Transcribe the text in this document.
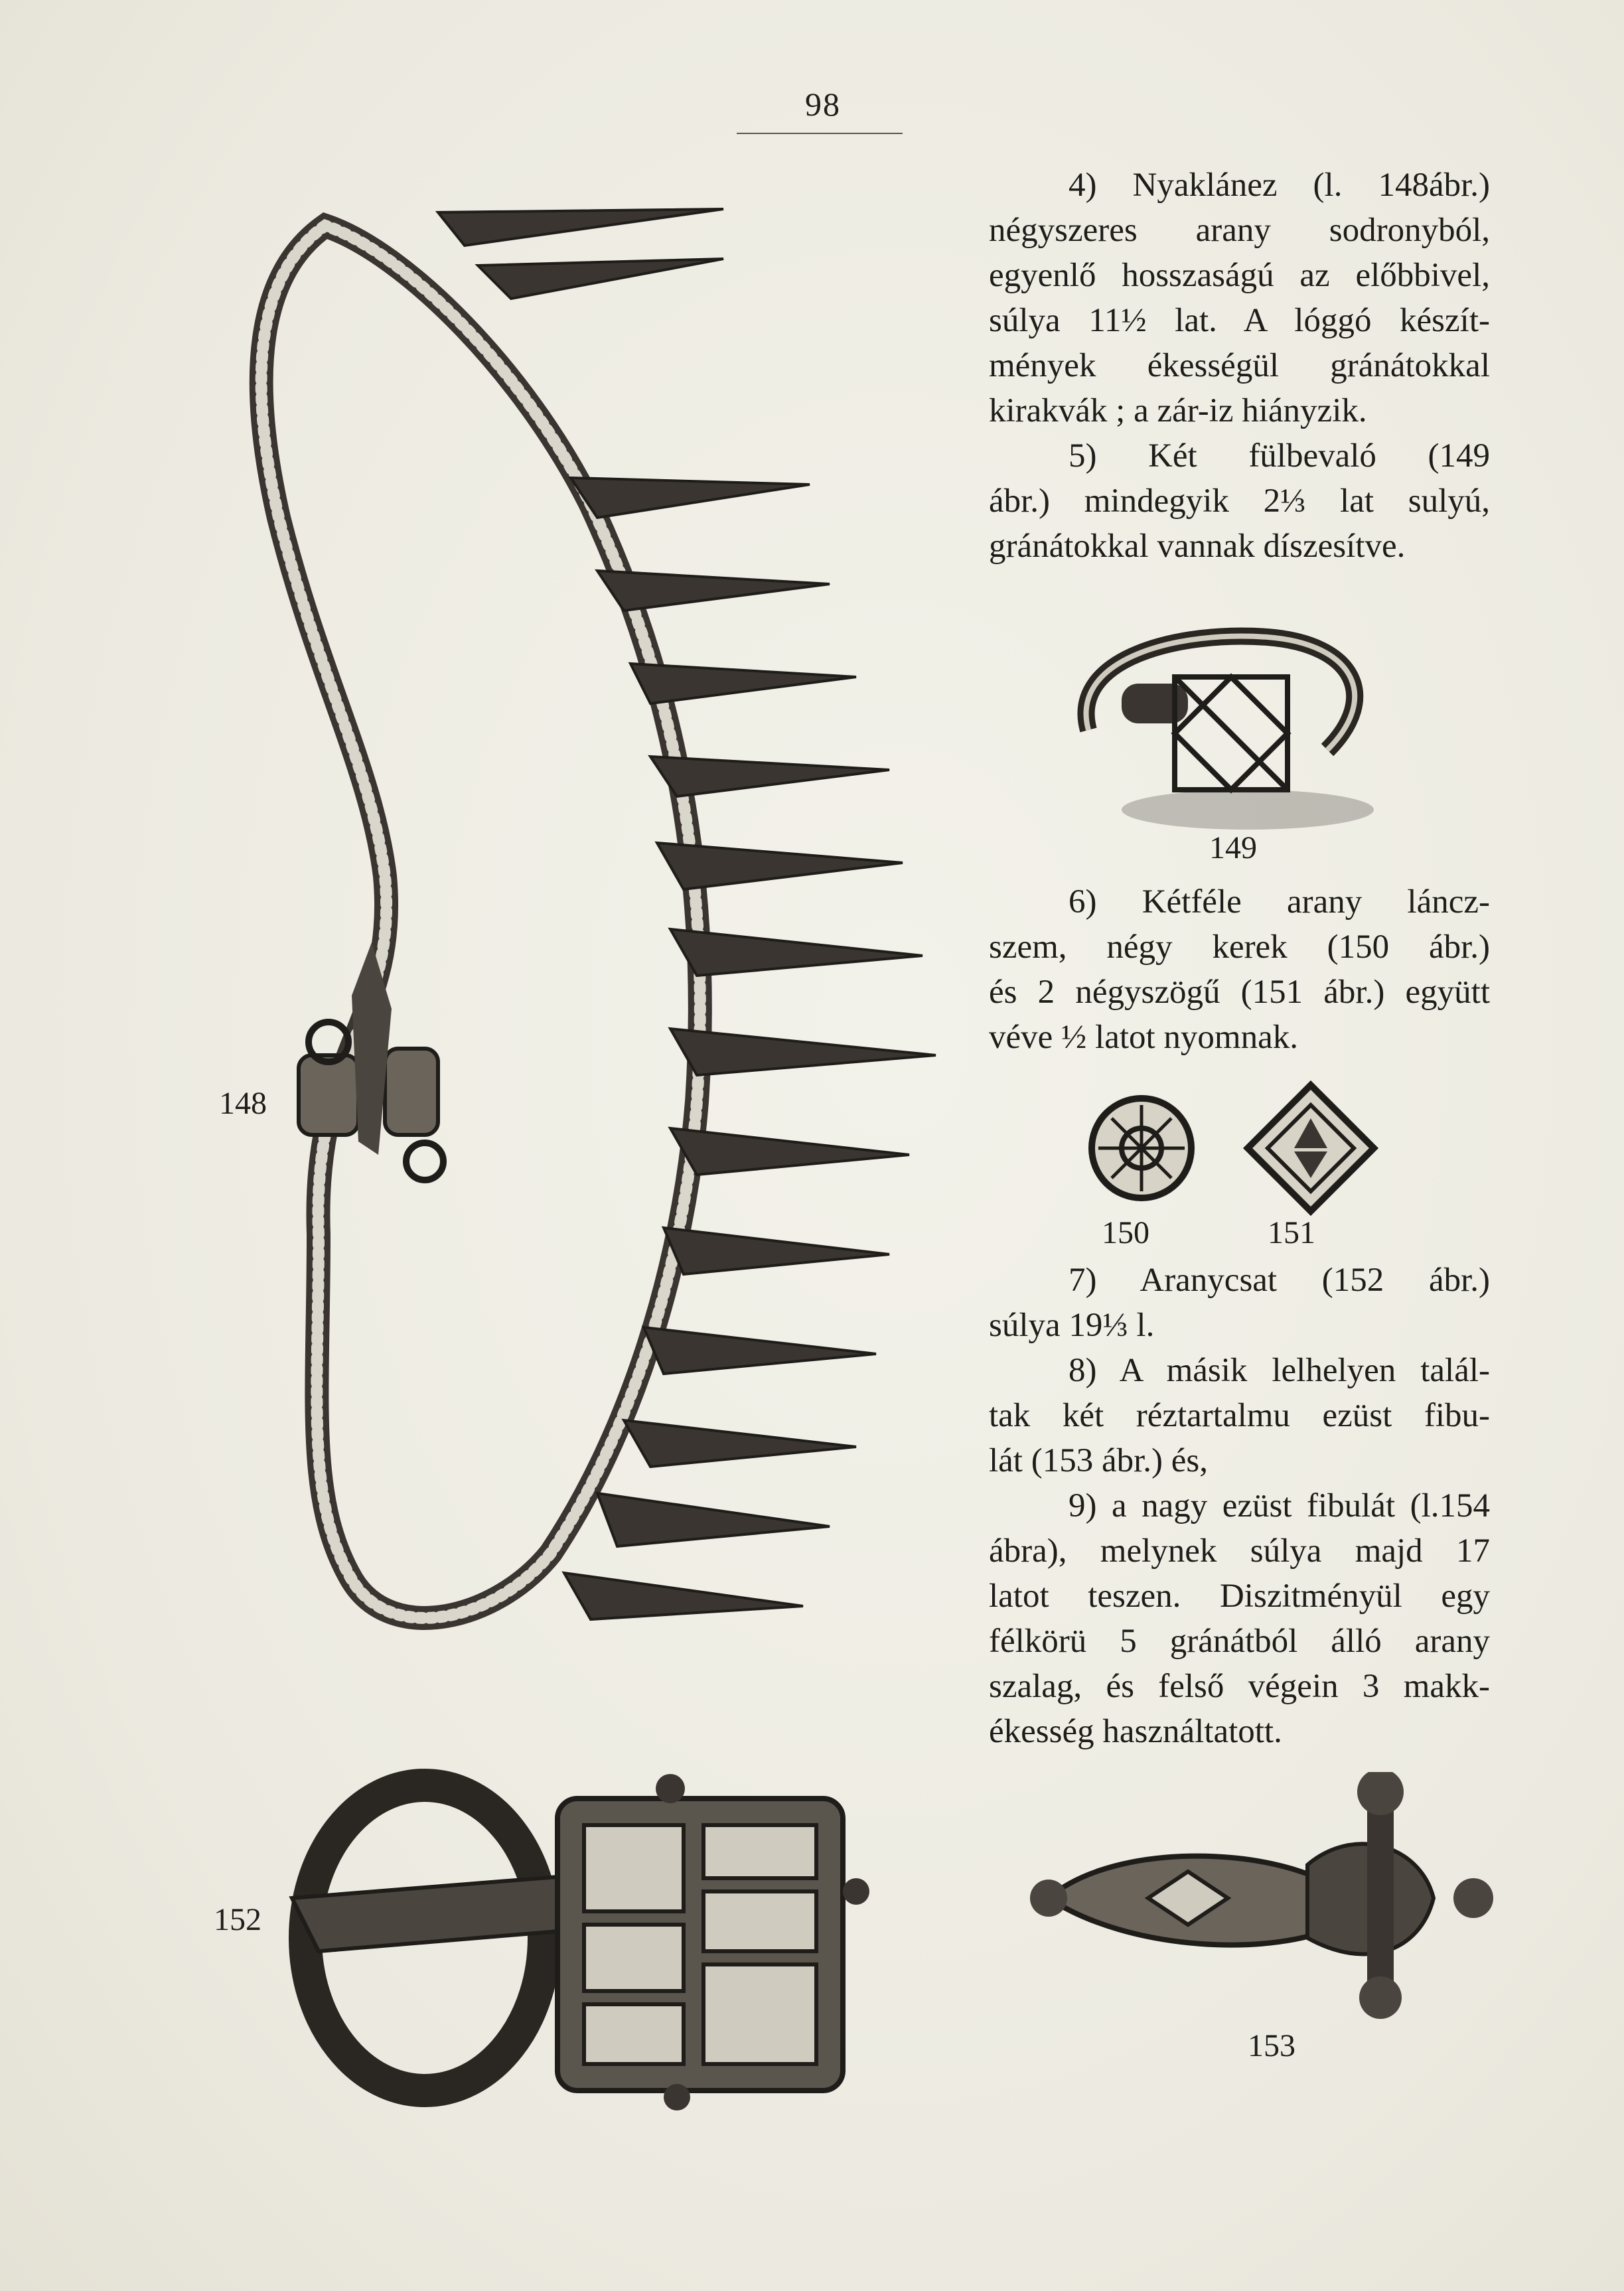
98
148
149
150	151
152
153

4) Nyaklánez (l. 148ábr.)

négyszeres arany sodronyból,

egyenlő hosszaságú az előbbivel,

súlya 11½ lat. A lóggó készít-

mények ékességül gránátokkal

kirakvák ; a zár-iz hiányzik.

5) Két fülbevaló (149

ábr.) mindegyik 2⅓ lat sulyú,

gránátokkal vannak díszesítve.

6) Kétféle arany láncz-

szem, négy kerek (150 ábr.)

és 2 négyszögű (151 ábr.) együtt

véve ½ latot nyomnak.

7) Aranycsat (152 ábr.)

súlya 19⅓ l.

8) A másik lelhelyen talál-

tak két réztartalmu ezüst fibu-

lát (153 ábr.) és,

9) a nagy ezüst fibulát (l.154

ábra), melynek súlya majd 17

latot teszen. Diszitményül egy

félkörü 5 gránátból álló arany

szalag, és felső végein 3 makk-

ékesség használtatott.
